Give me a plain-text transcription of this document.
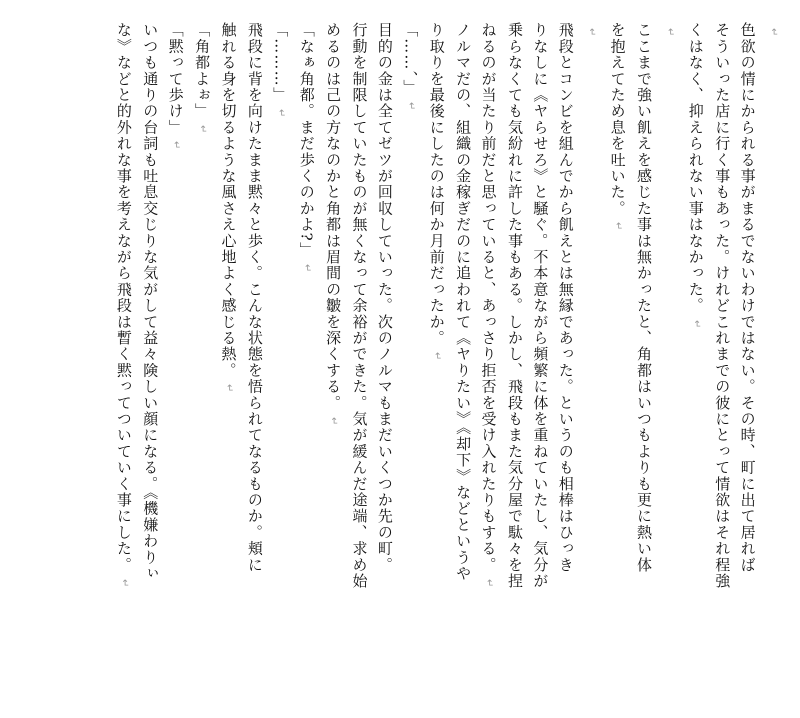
↵
色欲の情にかられる事がまるでないわけではない。その時、町に出て居れば
そういった店に行く事もあった。けれどこれまでの彼にとって情欲はそれ程強
くはなく、抑えられない事はなかった。↵
↵
ここまで強い飢えを感じた事は無かったと、角都はいつもよりも更に熱い体
を抱えてため息を吐いた。↵
↵
飛段とコンビを組んでから飢えとは無縁であった。というのも相棒はひっき
りなしに《ヤらせろ》と騒ぐ。不本意ながら頻繁に体を重ねていたし、気分が
乗らなくても気紛れに許した事もある。しかし、飛段もまた気分屋で駄々を捏
ねるのが当たり前だと思っていると、あっさり拒否を受け入れたりもする。↵
ノルマだの、組織の金稼ぎだのに追われて《ヤりたい》《却下》などというや
り取りを最後にしたのは何か月前だったか。↵
「……、」↵
目的の金は全てゼツが回収していった。次のノルマもまだいくつか先の町。
行動を制限していたものが無くなって余裕ができた。気が緩んだ途端、求め始
めるのは己の方なのかと角都は眉間の皺を深くする。↵
「なぁ角都。まだ歩くのかよ?」↵
「………」↵
飛段に背を向けたまま黙々と歩く。こんな状態を悟られてなるものか。頬に
触れる身を切るような風さえ心地よく感じる熱。↵
「角都よぉ」↵
「黙って歩け」↵
いつも通りの台詞も吐息交じりな気がして益々険しい顔になる。《機嫌わりぃ
な》などと的外れな事を考えながら飛段は暫く黙ってついていく事にした。↵
